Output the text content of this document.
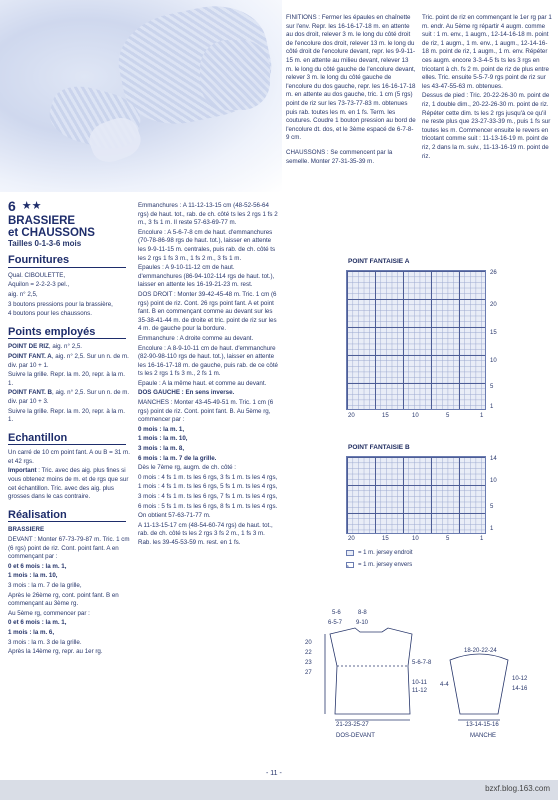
6 ★★
BRASSIERE
et CHAUSSONS
Tailles 0-1-3-6 mois
Fournitures

Qual. CIBOULETTE,

Aquilon = 2-2-2-3 pel.,

aig. n° 2,5,

3 boutons pressions pour la brassière,

4 boutons pour les chaussons.

Points employés

POINT DE RIZ, aig. n° 2,5.

POINT FANT. A, aig. n° 2,5. Sur un n. de m. div. par 10 + 1.

Suivre la grille. Repr. la m. 20, repr. à la m. 1.

POINT FANT. B, aig. n° 2,5. Sur un n. de m. div. par 10 + 3.

Suivre la grille. Repr. la m. 20, repr. à la m. 1.

Echantillon

Un carré de 10 cm point fant. A ou B = 31 m. et 42 rgs.

Important : Tric. avec des aig. plus fines si vous obtenez moins de m. et de rgs que sur cet échantillon. Tric. avec des aig. plus grosses dans le cas contraire.

Réalisation

BRASSIERE

DEVANT : Monter 67-73-79-87 m. Tric. 1 cm (6 rgs) point de riz. Cont. point fant. A en commençant par :

0 et 6 mois : la m. 1,

1 mois : la m. 10,

3 mois : la m. 7 de la grille,

Après le 26ème rg, cont. point fant. B en commençant au 3ème rg.

Au 5ème rg, commencer par :

0 et 6 mois : la m. 1,

1 mois : la m. 6,

3 mois : la m. 3 de la grille.

Après la 14ème rg, repr. au 1er rg.

Emmanchures : A 11-12-13-15 cm (48-52-56-64 rgs) de haut. tot., rab. de ch. côté ts les 2 rgs 1 fs 2 m., 3 fs 1 m. Il reste 57-63-69-77 m.

Encolure : A 5-6-7-8 cm de haut. d'emmanchures (70-78-86-98 rgs de haut. tot.), laisser en attente les 9-9-11-15 m. centrales, puis rab. de ch. côté ts les 2 rgs 1 fs 3 m., 1 fs 2 m., 3 fs 1 m.

Epaules : A 9-10-11-12 cm de haut. d'emmanchures (86-94-102-114 rgs de haut. tot.), laisser en attente les 16-19-21-23 m. rest.

DOS DROIT : Monter 39-42-45-48 m. Tric. 1 cm (6 rgs) point de riz. Cont. 26 rgs point fant. A et point fant. B en commençant comme au devant sur les 35-38-41-44 m. de droite et tric. point de riz sur les 4 m. de gauche pour la bordure.

Emmanchure : A droite comme au devant.

Encolure : A 8-9-10-11 cm de haut. d'emmanchure (82-90-98-110 rgs de haut. tot.), laisser en attente les 16-16-17-18 m. de gauche, puis rab. de ce côté ts les 2 rgs 1 fs 3 m., 2 fs 1 m.

Epaule : A la même haut. et comme au devant.

DOS GAUCHE : En sens inverse.

MANCHES : Monter 43-45-49-51 m. Tric. 1 cm (6 rgs) point de riz. Cont. point fant. B. Au 5ème rg, commencer par :

0 mois : la m. 1,

1 mois : la m. 10,

3 mois : la m. 8,

6 mois : la m. 7 de la grille.

Dès le 7ème rg, augm. de ch. côté :

0 mois : 4 fs 1 m. ts les 6 rgs, 3 fs 1 m. ts les 4 rgs,

1 mois : 4 fs 1 m. ts les 6 rgs, 5 fs 1 m. ts les 4 rgs,

3 mois : 4 fs 1 m. ts les 6 rgs, 7 fs 1 m. ts les 4 rgs,

6 mois : 5 fs 1 m. ts les 6 rgs, 8 fs 1 m. ts les 4 rgs.

On obtient 57-63-71-77 m.

A 11-13-15-17 cm (48-54-60-74 rgs) de haut. tot., rab. de ch. côté ts les 2 rgs 3 fs 2 m., 1 fs 3 m. Rab. les 39-45-53-59 m. rest. en 1 fs.

FINITIONS : Fermer les épaules en chaînette sur l'env. Repr. les 16-16-17-18 m. en attente au dos droit, relever 3 m. le long du côté droit de l'encolure dos droit, relever 13 m. le long du côté droit de l'encolure devant, repr. les 9-9-11-15 m. en attente au milieu devant, relever 13 m. le long du côté gauche de l'encolure devant, relever 3 m. le long du côté gauche de l'encolure du dos gauche, repr. les 16-16-17-18 m. en attente au dos gauche, tric. 1 cm (5 rgs) point de riz sur les 73-73-77-83 m. obtenues puis rab. toutes les m. en 1 fs. Term. les coutures. Coudre 1 bouton pression au bord de l'encolure dt. dos, et le 3ème espacé de 6-7-8-9 cm.

CHAUSSONS : Se commencent par la semelle. Monter 27-31-35-39 m.

Tric. point de riz en commençant le 1er rg par 1 m. endr. Au 5ème rg répartir 4 augm. comme suit : 1 m. env., 1 augm., 12-14-16-18 m. point de riz, 1 augm., 1 m. env., 1 augm., 12-14-16-18 m. point de riz, 1 augm., 1 m. env. Répéter ces augm. encore 3-3-4-5 fs ts les 3 rgs en tricotant à ch. fs 2 m. point de riz de plus entre elles. Tric. ensuite 5-5-7-9 rgs point de riz sur les 43-47-55-63 m. obtenues.

Dessus de pied : Tric. 20-22-26-30 m. point de riz, 1 double dim., 20-22-26-30 m. point de riz. Répéter cette dim. ts les 2 rgs jusqu'à ce qu'il ne reste plus que 23-27-33-39 m., puis 1 fs sur toutes les m. Commencer ensuite le revers en tricotant comme suit : 11-13-16-19 m. point de riz, 2 dans la m. suiv., 11-13-16-19 m. point de riz.

POINT FANTAISIE A
20	15	10	5	1
26
20
15
10
5
1
POINT FANTAISIE B
20	15	10	5	1
14
10
5
1
= 1 m. jersey endroit
= 1 m. jersey envers
5-6	8-8
6-5-7 9-10
20
22
23
27
5-6-7-8
10-11
11-12
21-23-25-27
DOS-DEVANT
18-20-22-24
4-4
10-12
14-16
13-14-15-16
MANCHE
- 11 -
bzxf.blog.163.com
